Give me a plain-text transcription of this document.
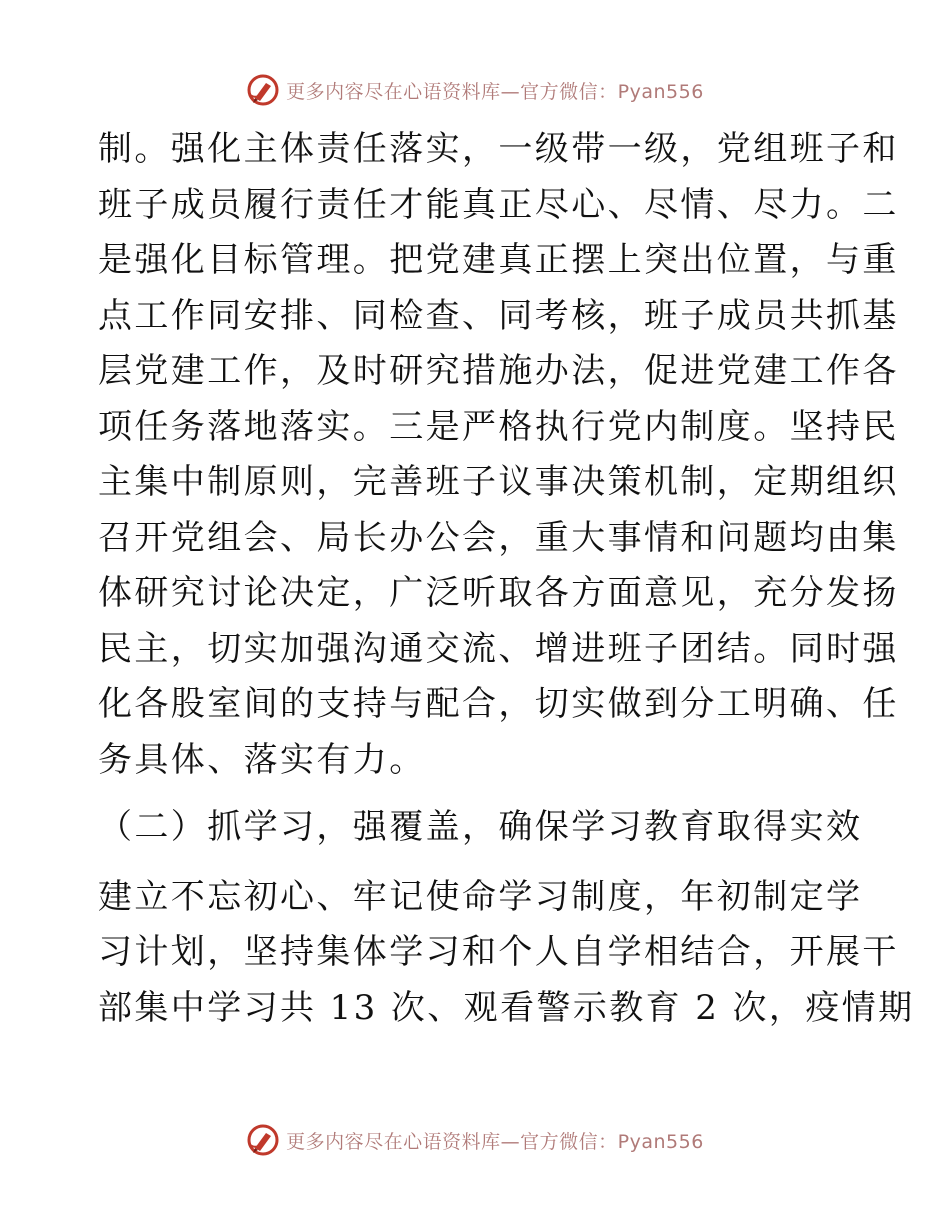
更多内容尽在心语资料库—官方微信：Pyan556
制。强化主体责任落实，一级带一级，党组班子和
班子成员履行责任才能真正尽心、尽情、尽力。二
是强化目标管理。把党建真正摆上突出位置，与重
点工作同安排、同检查、同考核，班子成员共抓基
层党建工作，及时研究措施办法，促进党建工作各
项任务落地落实。三是严格执行党内制度。坚持民
主集中制原则，完善班子议事决策机制，定期组织
召开党组会、局长办公会，重大事情和问题均由集
体研究讨论决定，广泛听取各方面意见，充分发扬
民主，切实加强沟通交流、增进班子团结。同时强
化各股室间的支持与配合，切实做到分工明确、任
务具体、落实有力。
（二）抓学习，强覆盖，确保学习教育取得实效
建立不忘初心、牢记使命学习制度，年初制定学
习计划，坚持集体学习和个人自学相结合，开展干
部集中学习共 13 次、观看警示教育 2 次，疫情期
更多内容尽在心语资料库—官方微信：Pyan556
